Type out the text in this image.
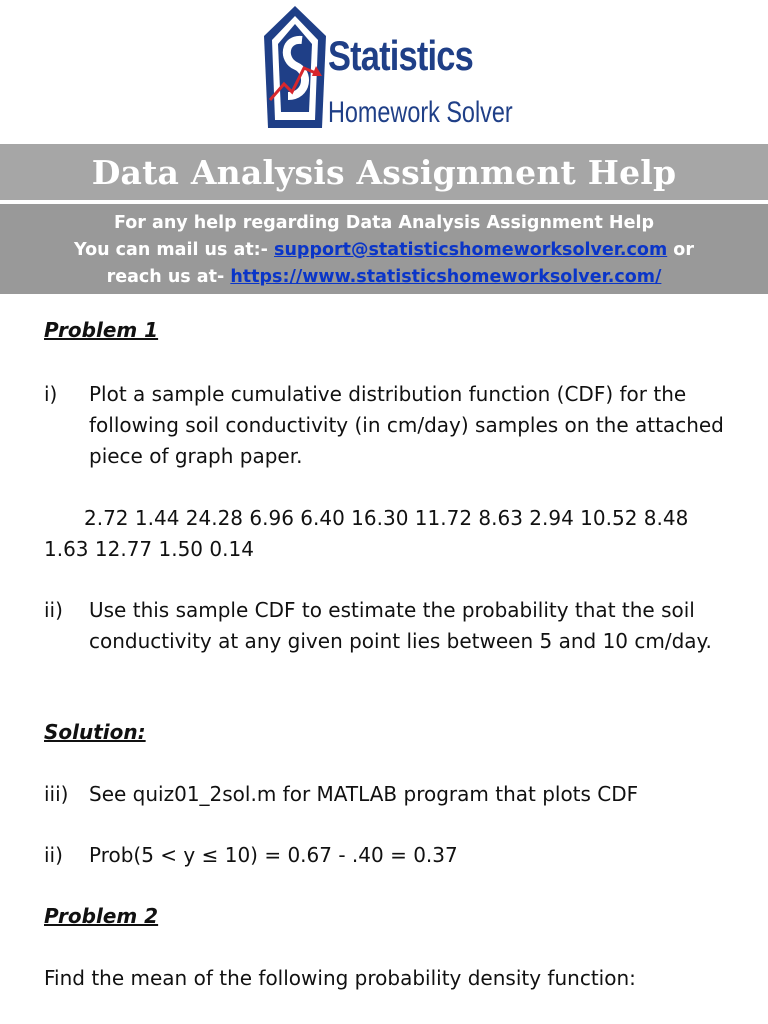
Statistics
Homework Solver
Data Analysis Assignment Help
For any help regarding Data Analysis Assignment Help
You can mail us at:- support@statisticshomeworksolver.com or
reach us at- https://www.statisticshomeworksolver.com/
Problem 1
i) Plot a sample cumulative distribution function (CDF) for the following soil conductivity (in cm/day) samples on the attached piece of graph paper.
2.72 1.44 24.28 6.96 6.40 16.30 11.72 8.63 2.94 10.52 8.48
1.63 12.77 1.50 0.14
ii) Use this sample CDF to estimate the probability that the soil conductivity at any given point lies between 5 and 10 cm/day.
Solution:
iii) See quiz01_2sol.m for MATLAB program that plots CDF
ii) Prob(5 < y ≤ 10) = 0.67 - .40 = 0.37
Problem 2
Find the mean of the following probability density function:
